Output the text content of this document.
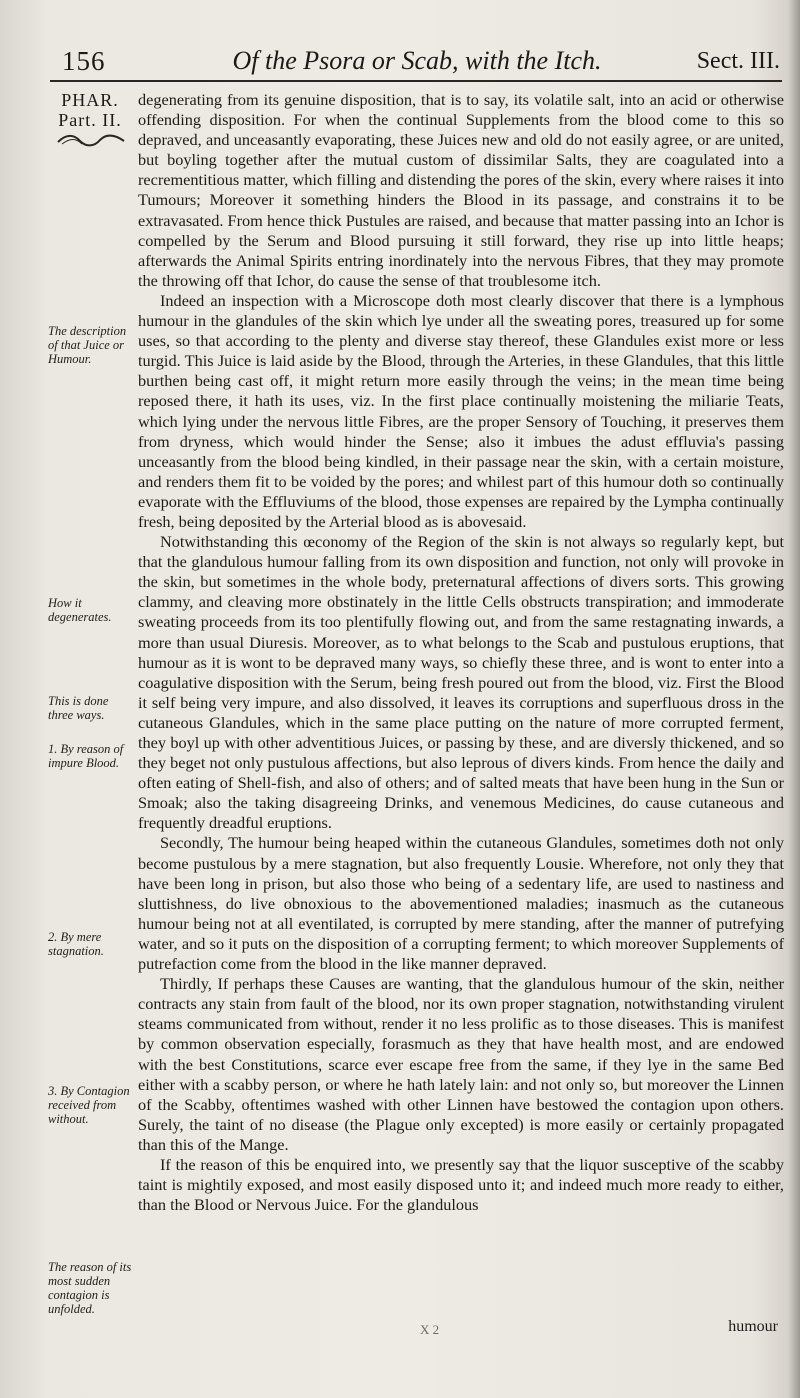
156	Of the Psora or Scab, with the Itch.	Sect. III.
PHAR.
Part. II.
The description of that Juice or Humour.
How it degenerates.
This is done three ways.
1. By reason of impure Blood.
2. By mere stagnation.
3. By Contagion received from without.
The reason of its most sudden contagion is unfolded.

degenerating from its genuine disposition, that is to say, its volatile salt, into an acid or otherwise offending disposition. For when the continual Supplements from the blood come to this so depraved, and unceasantly evaporating, these Juices new and old do not easily agree, or are united, but boyling together after the mutual custom of dissimilar Salts, they are coagulated into a recrementitious matter, which filling and distending the pores of the skin, every where raises it into Tumours; Moreover it something hinders the Blood in its passage, and constrains it to be extravasated. From hence thick Pustules are raised, and because that matter passing into an Ichor is compelled by the Serum and Blood pursuing it still forward, they rise up into little heaps; afterwards the Animal Spirits entring inordinately into the nervous Fibres, that they may promote the throwing off that Ichor, do cause the sense of that troublesome itch.

Indeed an inspection with a Microscope doth most clearly discover that there is a lymphous humour in the glandules of the skin which lye under all the sweating pores, treasured up for some uses, so that according to the plenty and diverse stay thereof, these Glandules exist more or less turgid. This Juice is laid aside by the Blood, through the Arteries, in these Glandules, that this little burthen being cast off, it might return more easily through the veins; in the mean time being reposed there, it hath its uses, viz. In the first place continually moistening the miliarie Teats, which lying under the nervous little Fibres, are the proper Sensory of Touching, it preserves them from dryness, which would hinder the Sense; also it imbues the adust effluvia's passing unceasantly from the blood being kindled, in their passage near the skin, with a certain moisture, and renders them fit to be voided by the pores; and whilest part of this humour doth so continually evaporate with the Effluviums of the blood, those expenses are repaired by the Lympha continually fresh, being deposited by the Arterial blood as is abovesaid.

Notwithstanding this œconomy of the Region of the skin is not always so regularly kept, but that the glandulous humour falling from its own disposition and function, not only will provoke in the skin, but sometimes in the whole body, preternatural affections of divers sorts. This growing clammy, and cleaving more obstinately in the little Cells obstructs transpiration; and immoderate sweating proceeds from its too plentifully flowing out, and from the same restagnating inwards, a more than usual Diuresis. Moreover, as to what belongs to the Scab and pustulous eruptions, that humour as it is wont to be depraved many ways, so chiefly these three, and is wont to enter into a coagulative disposition with the Serum, being fresh poured out from the blood, viz. First the Blood it self being very impure, and also dissolved, it leaves its corruptions and superfluous dross in the cutaneous Glandules, which in the same place putting on the nature of more corrupted ferment, they boyl up with other adventitious Juices, or passing by these, and are diversly thickened, and so they beget not only pustulous affections, but also leprous of divers kinds. From hence the daily and often eating of Shell-fish, and also of others; and of salted meats that have been hung in the Sun or Smoak; also the taking disagreeing Drinks, and venemous Medicines, do cause cutaneous and frequently dreadful eruptions.

Secondly, The humour being heaped within the cutaneous Glandules, sometimes doth not only become pustulous by a mere stagnation, but also frequently Lousie. Wherefore, not only they that have been long in prison, but also those who being of a sedentary life, are used to nastiness and sluttishness, do live obnoxious to the abovementioned maladies; inasmuch as the cutaneous humour being not at all eventilated, is corrupted by mere standing, after the manner of putrefying water, and so it puts on the disposition of a corrupting ferment; to which moreover Supplements of putrefaction come from the blood in the like manner depraved.

Thirdly, If perhaps these Causes are wanting, that the glandulous humour of the skin, neither contracts any stain from fault of the blood, nor its own proper stagnation, notwithstanding virulent steams communicated from without, render it no less prolific as to those diseases. This is manifest by common observation especially, forasmuch as they that have health most, and are endowed with the best Constitutions, scarce ever escape free from the same, if they lye in the same Bed either with a scabby person, or where he hath lately lain: and not only so, but moreover the Linnen of the Scabby, oftentimes washed with other Linnen have bestowed the contagion upon others. Surely, the taint of no disease (the Plague only excepted) is more easily or certainly propagated than this of the Mange.

If the reason of this be enquired into, we presently say that the liquor susceptive of the scabby taint is mightily exposed, and most easily disposed unto it; and indeed much more ready to either, than the Blood or Nervous Juice. For the glandulous

X 2	humour
